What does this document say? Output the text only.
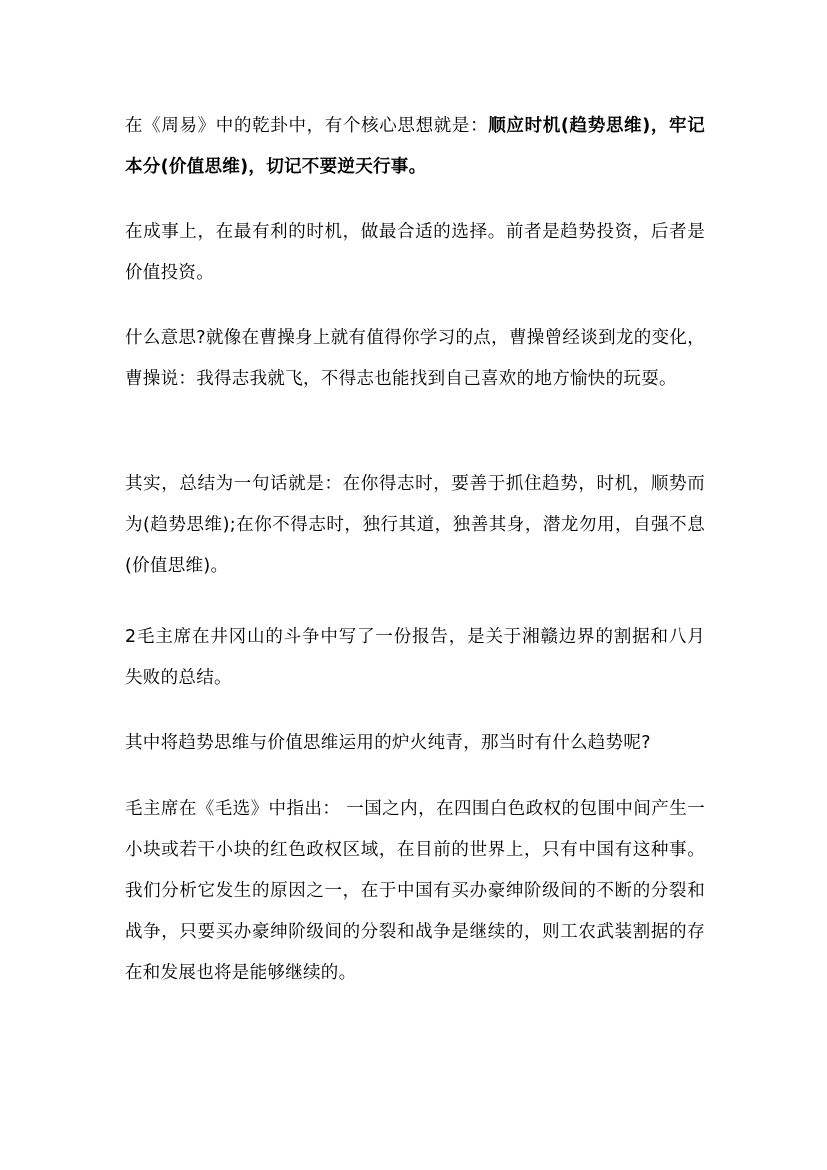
在《周易》中的乾卦中，有个核心思想就是：顺应时机(趋势思维)，牢记本分(价值思维)，切记不要逆天行事。

在成事上，在最有利的时机，做最合适的选择。前者是趋势投资，后者是价值投资。

什么意思?就像在曹操身上就有值得你学习的点，曹操曾经谈到龙的变化，曹操说：我得志我就飞，不得志也能找到自己喜欢的地方愉快的玩耍。

其实，总结为一句话就是：在你得志时，要善于抓住趋势，时机，顺势而为(趋势思维);在你不得志时，独行其道，独善其身，潜龙勿用，自强不息(价值思维)。

2毛主席在井冈山的斗争中写了一份报告，是关于湘赣边界的割据和八月失败的总结。

其中将趋势思维与价值思维运用的炉火纯青，那当时有什么趋势呢?

毛主席在《毛选》中指出： 一国之内，在四围白色政权的包围中间产生一小块或若干小块的红色政权区域，在目前的世界上，只有中国有这种事。我们分析它发生的原因之一，在于中国有买办豪绅阶级间的不断的分裂和战争，只要买办豪绅阶级间的分裂和战争是继续的，则工农武装割据的存在和发展也将是能够继续的。
